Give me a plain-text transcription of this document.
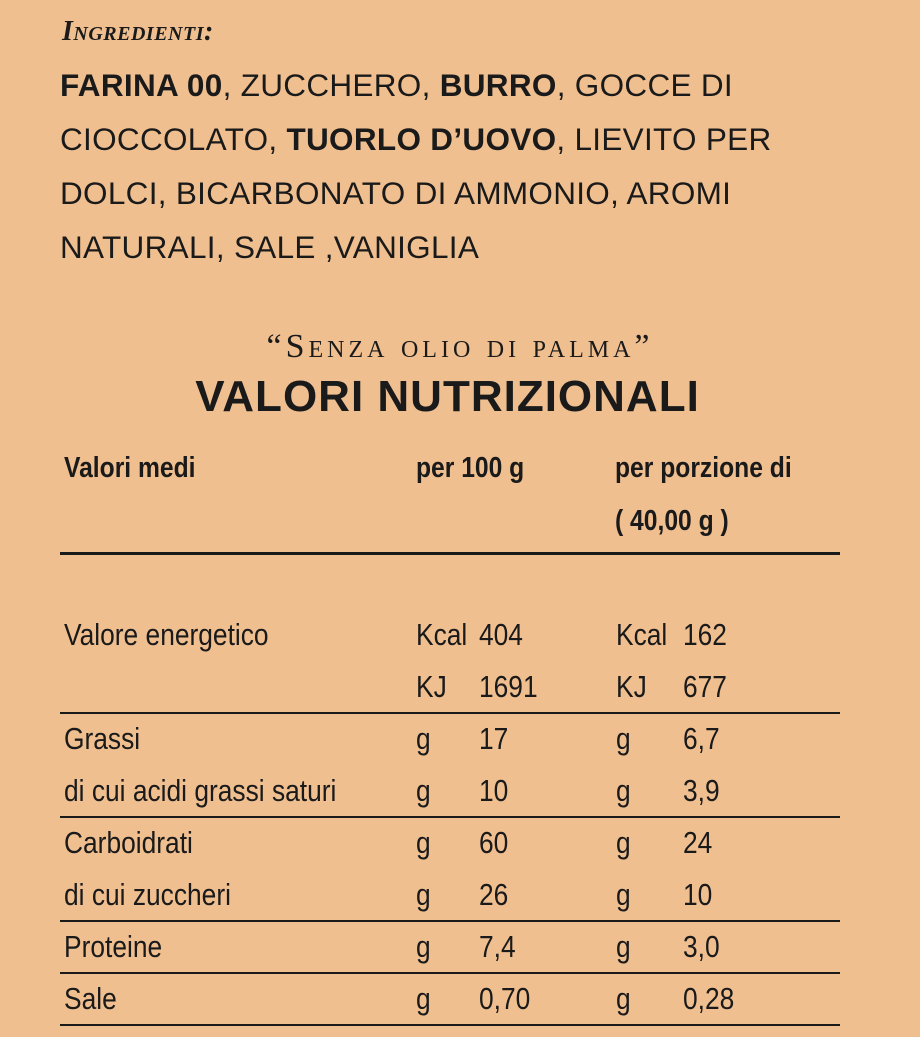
Ingredienti:
FARINA 00, ZUCCHERO, BURRO, GOCCE DI CIOCCOLATO, TUORLO D’UOVO, LIEVITO PER DOLCI, BICARBONATO DI AMMONIO, AROMI NATURALI, SALE ,VANIGLIA
“Senza olio di palma”
VALORI NUTRIZIONALI
Valori medi	per 100 g	per porzione di
( 40,00 g )
Valore energetico	Kcal 404	Kcal 162
KJ 1691	KJ 677
Grassi	g 17	g 6,7
di cui acidi grassi saturi	g 10	g 3,9
Carboidrati	g 60	g 24
di cui zuccheri	g 26	g 10
Proteine	g 7,4	g 3,0
Sale	g 0,70	g 0,28
